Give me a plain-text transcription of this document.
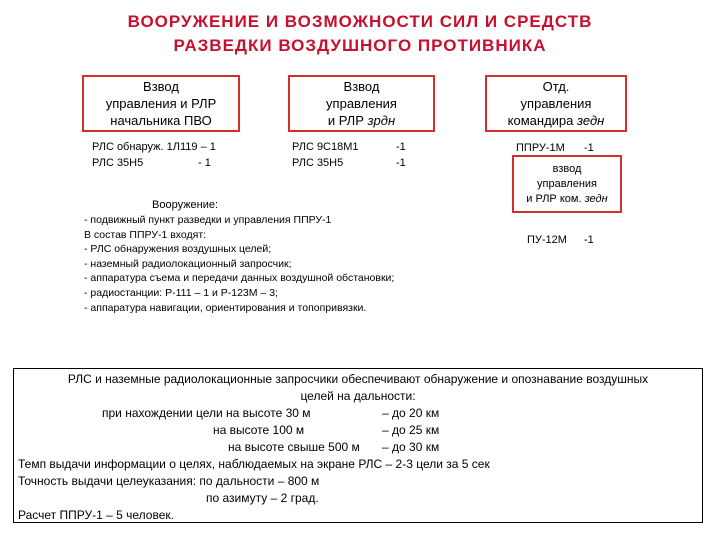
ВООРУЖЕНИЕ И ВОЗМОЖНОСТИ СИЛ И СРЕДСТВ
РАЗВЕДКИ ВОЗДУШНОГО ПРОТИВНИКА
Взвод
управления и РЛР
начальника ПВО
Взвод
управления
и РЛР зрдн
Отд.
управления
командира зедн
взвод
управления
и РЛР ком. зедн
РЛС обнаруж. 1Л119 – 1
РЛС 35Н5	- 1
РЛС 9С18М1	-1
РЛС 35Н5	-1
ППРУ-1М -1
ПУ-12М -1
Вооружение:
- подвижный пункт разведки и управления ППРУ-1
В состав ППРУ-1 входят:
- РЛС обнаружения воздушных целей;
- наземный радиолокационный запросчик;
- аппаратура съема и передачи данных воздушной обстановки;
- радиостанции: Р-111 – 1 и Р-123М – 3;
- аппаратура навигации, ориентирования и топопривязки.
РЛС и наземные радиолокационные запросчики обеспечивают обнаружение и опознавание воздушных
целей на дальности:
при нахождении цели на высоте 30 м	– до 20 км
на высоте 100 м	– до 25 км
на высоте свыше 500 м – до 30 км
Темп выдачи информации о целях, наблюдаемых на экране РЛС – 2-3 цели за 5 сек
Точность выдачи целеуказания: по дальности – 800 м
по азимуту – 2 град.
Расчет ППРУ-1 – 5 человек.
